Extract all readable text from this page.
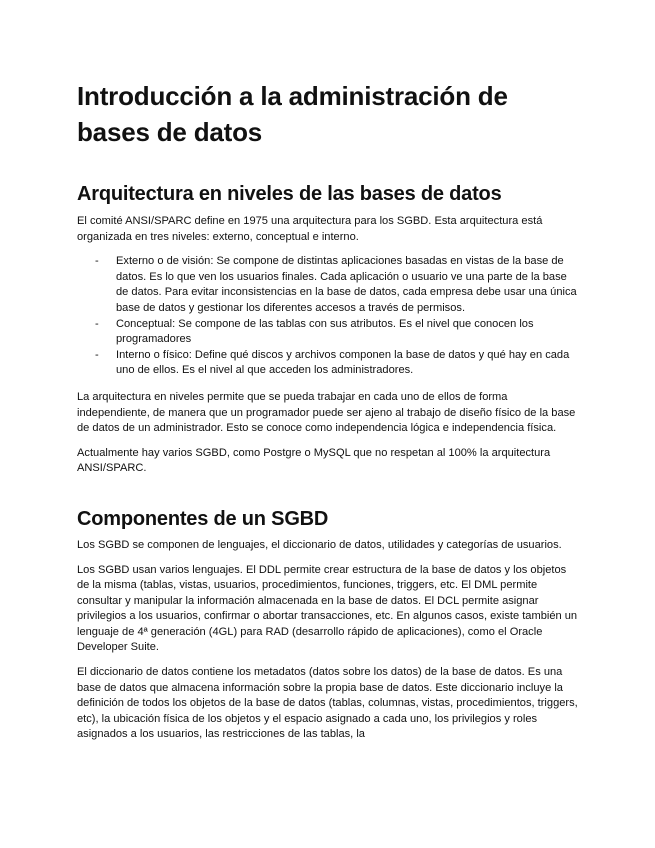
Introducción a la administración de bases de datos
Arquitectura en niveles de las bases de datos

El comité ANSI/SPARC define en 1975 una arquitectura para los SGBD. Esta arquitectura está organizada en tres niveles: externo, conceptual e interno.

- Externo o de visión: Se compone de distintas aplicaciones basadas en vistas de la base de datos. Es lo que ven los usuarios finales. Cada aplicación o usuario ve una parte de la base de datos. Para evitar inconsistencias en la base de datos, cada empresa debe usar una única base de datos y gestionar los diferentes accesos a través de permisos.
- Conceptual: Se compone de las tablas con sus atributos. Es el nivel que conocen los programadores
- Interno o físico: Define qué discos y archivos componen la base de datos y qué hay en cada uno de ellos. Es el nivel al que acceden los administradores.

La arquitectura en niveles permite que se pueda trabajar en cada uno de ellos de forma independiente, de manera que un programador puede ser ajeno al trabajo de diseño físico de la base de datos de un administrador. Esto se conoce como independencia lógica e independencia física.

Actualmente hay varios SGBD, como Postgre o MySQL que no respetan al 100% la arquitectura ANSI/SPARC.

Componentes de un SGBD

Los SGBD se componen de lenguajes, el diccionario de datos, utilidades y categorías de usuarios.

Los SGBD usan varios lenguajes. El DDL permite crear estructura de la base de datos y los objetos de la misma (tablas, vistas, usuarios, procedimientos, funciones, triggers, etc. El DML permite consultar y manipular la información almacenada en la base de datos. El DCL permite asignar privilegios a los usuarios, confirmar o abortar transacciones, etc. En algunos casos, existe también un lenguaje de 4ª generación (4GL) para RAD (desarrollo rápido de aplicaciones), como el Oracle Developer Suite.

El diccionario de datos contiene los metadatos (datos sobre los datos) de la base de datos. Es una base de datos que almacena información sobre la propia base de datos. Este diccionario incluye la definición de todos los objetos de la base de datos (tablas, columnas, vistas, procedimientos, triggers, etc), la ubicación física de los objetos y el espacio asignado a cada uno, los privilegios y roles asignados a los usuarios, las restricciones de las tablas, la
